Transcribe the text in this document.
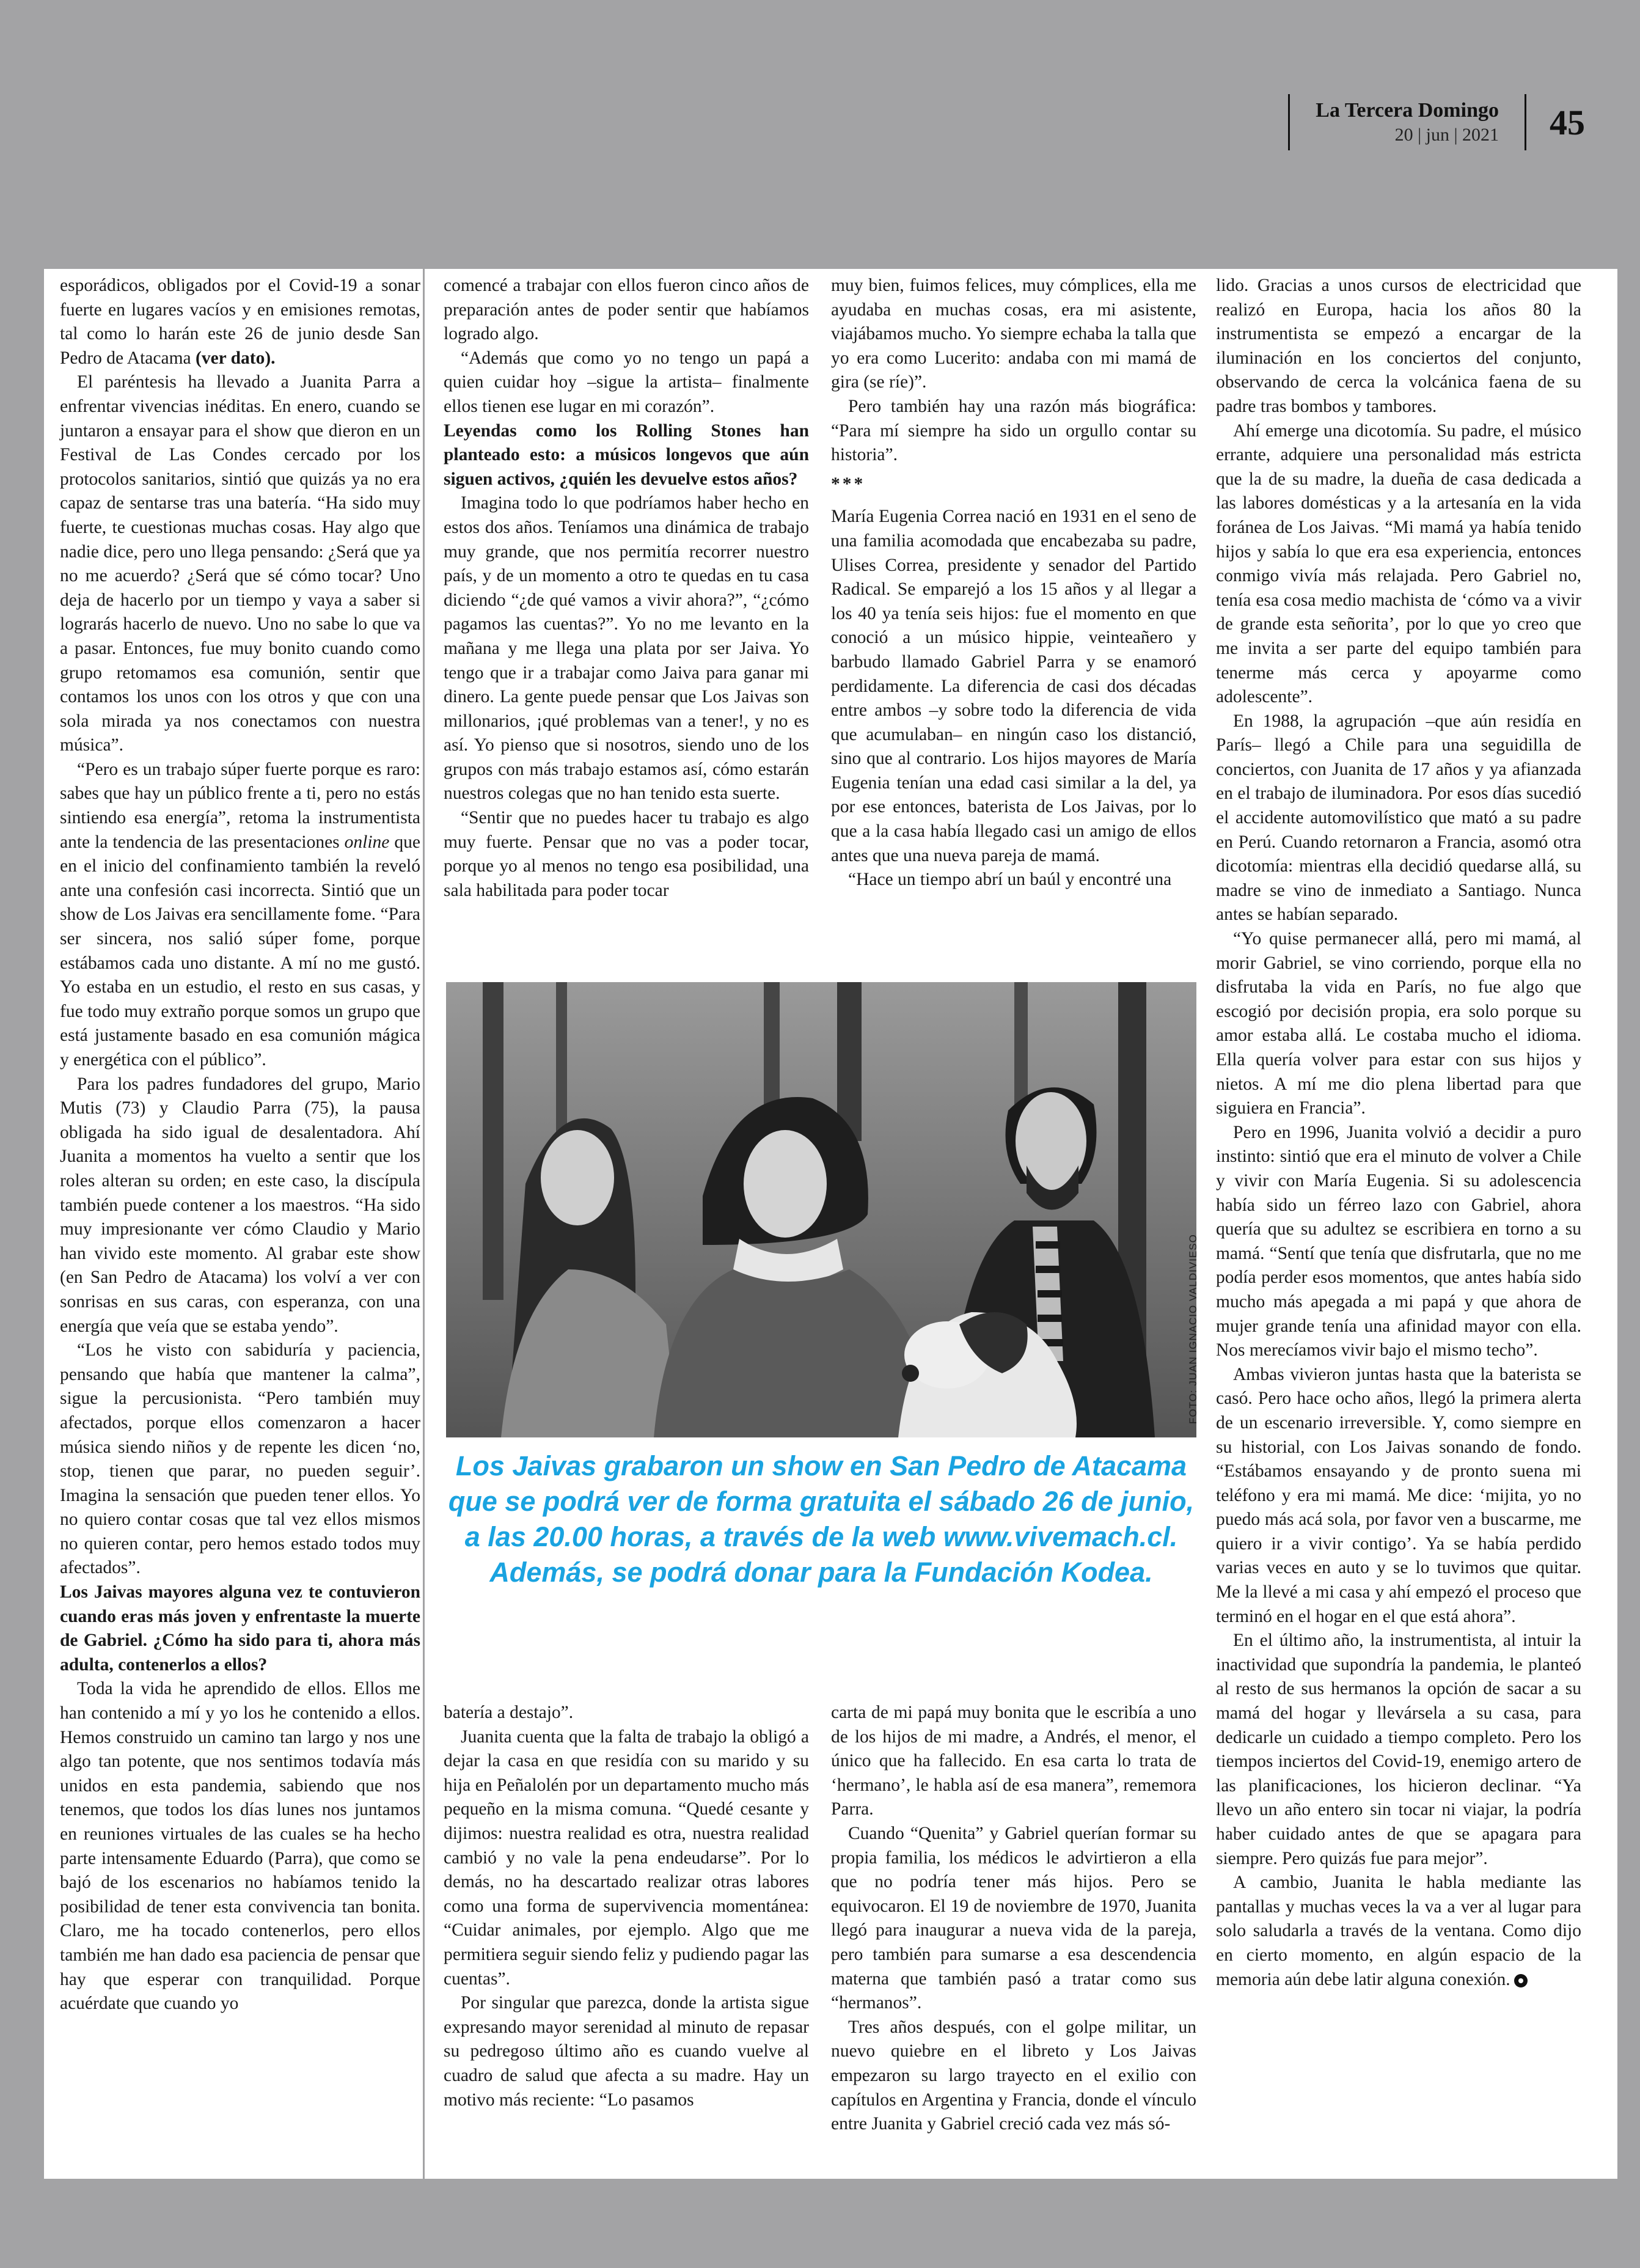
La Tercera Domingo
20 | jun | 2021	45

esporádicos, obligados por el Covid-19 a sonar fuerte en lugares vacíos y en emisiones remotas, tal como lo harán este 26 de junio desde San Pedro de Atacama (ver dato).

El paréntesis ha llevado a Juanita Parra a enfrentar vivencias inéditas. En enero, cuando se juntaron a ensayar para el show que dieron en un Festival de Las Condes cercado por los protocolos sanitarios, sintió que quizás ya no era capaz de sentarse tras una batería. “Ha sido muy fuerte, te cuestionas muchas cosas. Hay algo que nadie dice, pero uno llega pensando: ¿Será que ya no me acuerdo? ¿Será que sé cómo tocar? Uno deja de hacerlo por un tiempo y vaya a saber si lograrás hacerlo de nuevo. Uno no sabe lo que va a pasar. Entonces, fue muy bonito cuando como grupo retomamos esa comunión, sentir que contamos los unos con los otros y que con una sola mirada ya nos conectamos con nuestra música”.

“Pero es un trabajo súper fuerte porque es raro: sabes que hay un público frente a ti, pero no estás sintiendo esa energía”, retoma la instrumentista ante la tendencia de las presentaciones online que en el inicio del confinamiento también la reveló ante una confesión casi incorrecta. Sintió que un show de Los Jaivas era sencillamente fome. “Para ser sincera, nos salió súper fome, porque estábamos cada uno distante. A mí no me gustó. Yo estaba en un estudio, el resto en sus casas, y fue todo muy extraño porque somos un grupo que está justamente basado en esa comunión mágica y energética con el público”.

Para los padres fundadores del grupo, Mario Mutis (73) y Claudio Parra (75), la pausa obligada ha sido igual de desalentadora. Ahí Juanita a momentos ha vuelto a sentir que los roles alteran su orden; en este caso, la discípula también puede contener a los maestros. “Ha sido muy impresionante ver cómo Claudio y Mario han vivido este momento. Al grabar este show (en San Pedro de Atacama) los volví a ver con sonrisas en sus caras, con esperanza, con una energía que veía que se estaba yendo”.

“Los he visto con sabiduría y paciencia, pensando que había que mantener la calma”, sigue la percusionista. “Pero también muy afectados, porque ellos comenzaron a hacer música siendo niños y de repente les dicen ‘no, stop, tienen que parar, no pueden seguir’. Imagina la sensación que pueden tener ellos. Yo no quiero contar cosas que tal vez ellos mismos no quieren contar, pero hemos estado todos muy afectados”.

Los Jaivas mayores alguna vez te contuvieron cuando eras más joven y enfrentaste la muerte de Gabriel. ¿Cómo ha sido para ti, ahora más adulta, contenerlos a ellos?

Toda la vida he aprendido de ellos. Ellos me han contenido a mí y yo los he contenido a ellos. Hemos construido un camino tan largo y nos une algo tan potente, que nos sentimos todavía más unidos en esta pandemia, sabiendo que nos tenemos, que todos los días lunes nos juntamos en reuniones virtuales de las cuales se ha hecho parte intensamente Eduardo (Parra), que como se bajó de los escenarios no habíamos tenido la posibilidad de tener esta convivencia tan bonita. Claro, me ha tocado contenerlos, pero ellos también me han dado esa paciencia de pensar que hay que esperar con tranquilidad. Porque acuérdate que cuando yo

comencé a trabajar con ellos fueron cinco años de preparación antes de poder sentir que habíamos logrado algo.

“Además que como yo no tengo un papá a quien cuidar hoy –sigue la artista– finalmente ellos tienen ese lugar en mi corazón”.

Leyendas como los Rolling Stones han planteado esto: a músicos longevos que aún siguen activos, ¿quién les devuelve estos años?

Imagina todo lo que podríamos haber hecho en estos dos años. Teníamos una dinámica de trabajo muy grande, que nos permitía recorrer nuestro país, y de un momento a otro te quedas en tu casa diciendo “¿de qué vamos a vivir ahora?”, “¿cómo pagamos las cuentas?”. Yo no me levanto en la mañana y me llega una plata por ser Jaiva. Yo tengo que ir a trabajar como Jaiva para ganar mi dinero. La gente puede pensar que Los Jaivas son millonarios, ¡qué problemas van a tener!, y no es así. Yo pienso que si nosotros, siendo uno de los grupos con más trabajo estamos así, cómo estarán nuestros colegas que no han tenido esta suerte.

“Sentir que no puedes hacer tu trabajo es algo muy fuerte. Pensar que no vas a poder tocar, porque yo al menos no tengo esa posibilidad, una sala habilitada para poder tocar

muy bien, fuimos felices, muy cómplices, ella me ayudaba en muchas cosas, era mi asistente, viajábamos mucho. Yo siempre echaba la talla que yo era como Lucerito: andaba con mi mamá de gira (se ríe)”.

Pero también hay una razón más biográfica: “Para mí siempre ha sido un orgullo contar su historia”.

***

María Eugenia Correa nació en 1931 en el seno de una familia acomodada que encabezaba su padre, Ulises Correa, presidente y senador del Partido Radical. Se emparejó a los 15 años y al llegar a los 40 ya tenía seis hijos: fue el momento en que conoció a un músico hippie, veinteañero y barbudo llamado Gabriel Parra y se enamoró perdidamente. La diferencia de casi dos décadas entre ambos –y sobre todo la diferencia de vida que acumulaban– en ningún caso los distanció, sino que al contrario. Los hijos mayores de María Eugenia tenían una edad casi similar a la del, ya por ese entonces, baterista de Los Jaivas, por lo que a la casa había llegado casi un amigo de ellos antes que una nueva pareja de mamá.

“Hace un tiempo abrí un baúl y encontré una

lido. Gracias a unos cursos de electricidad que realizó en Europa, hacia los años 80 la instrumentista se empezó a encargar de la iluminación en los conciertos del conjunto, observando de cerca la volcánica faena de su padre tras bombos y tambores.

Ahí emerge una dicotomía. Su padre, el músico errante, adquiere una personalidad más estricta que la de su madre, la dueña de casa dedicada a las labores domésticas y a la artesanía en la vida foránea de Los Jaivas. “Mi mamá ya había tenido hijos y sabía lo que era esa experiencia, entonces conmigo vivía más relajada. Pero Gabriel no, tenía esa cosa medio machista de ‘cómo va a vivir de grande esta señorita’, por lo que yo creo que me invita a ser parte del equipo también para tenerme más cerca y apoyarme como adolescente”.

En 1988, la agrupación –que aún residía en París– llegó a Chile para una seguidilla de conciertos, con Juanita de 17 años y ya afianzada en el trabajo de iluminadora. Por esos días sucedió el accidente automovilístico que mató a su padre en Perú. Cuando retornaron a Francia, asomó otra dicotomía: mientras ella decidió quedarse allá, su madre se vino de inmediato a Santiago. Nunca antes se habían separado.

“Yo quise permanecer allá, pero mi mamá, al morir Gabriel, se vino corriendo, porque ella no disfrutaba la vida en París, no fue algo que escogió por decisión propia, era solo porque su amor estaba allá. Le costaba mucho el idioma. Ella quería volver para estar con sus hijos y nietos. A mí me dio plena libertad para que siguiera en Francia”.

Pero en 1996, Juanita volvió a decidir a puro instinto: sintió que era el minuto de volver a Chile y vivir con María Eugenia. Si su adolescencia había sido un férreo lazo con Gabriel, ahora quería que su adultez se escribiera en torno a su mamá. “Sentí que tenía que disfrutarla, que no me podía perder esos momentos, que antes había sido mucho más apegada a mi papá y que ahora de mujer grande tenía una afinidad mayor con ella. Nos merecíamos vivir bajo el mismo techo”.

Ambas vivieron juntas hasta que la baterista se casó. Pero hace ocho años, llegó la primera alerta de un escenario irreversible. Y, como siempre en su historial, con Los Jaivas sonando de fondo. “Estábamos ensayando y de pronto suena mi teléfono y era mi mamá. Me dice: ‘mijita, yo no puedo más acá sola, por favor ven a buscarme, me quiero ir a vivir contigo’. Ya se había perdido varias veces en auto y se lo tuvimos que quitar. Me la llevé a mi casa y ahí empezó el proceso que terminó en el hogar en el que está ahora”.

En el último año, la instrumentista, al intuir la inactividad que supondría la pandemia, le planteó al resto de sus hermanos la opción de sacar a su mamá del hogar y llevársela a su casa, para dedicarle un cuidado a tiempo completo. Pero los tiempos inciertos del Covid-19, enemigo artero de las planificaciones, los hicieron declinar. “Ya llevo un año entero sin tocar ni viajar, la podría haber cuidado antes de que se apagara para siempre. Pero quizás fue para mejor”.

A cambio, Juanita le habla mediante las pantallas y muchas veces la va a ver al lugar para solo saludarla a través de la ventana. Como dijo en cierto momento, en algún espacio de la memoria aún debe latir alguna conexión.

FOTO: JUAN IGNACIO VALDIVIESO
Los Jaivas grabaron un show en San Pedro de Atacama que se podrá ver de forma gratuita el sábado 26 de junio, a las 20.00 horas, a través de la web www.vivemach.cl. Además, se podrá donar para la Fundación Kodea.

batería a destajo”.

Juanita cuenta que la falta de trabajo la obligó a dejar la casa en que residía con su marido y su hija en Peñalolén por un departamento mucho más pequeño en la misma comuna. “Quedé cesante y dijimos: nuestra realidad es otra, nuestra realidad cambió y no vale la pena endeudarse”. Por lo demás, no ha descartado realizar otras labores como una forma de supervivencia momentánea: “Cuidar animales, por ejemplo. Algo que me permitiera seguir siendo feliz y pudiendo pagar las cuentas”.

Por singular que parezca, donde la artista sigue expresando mayor serenidad al minuto de repasar su pedregoso último año es cuando vuelve al cuadro de salud que afecta a su madre. Hay un motivo más reciente: “Lo pasamos

carta de mi papá muy bonita que le escribía a uno de los hijos de mi madre, a Andrés, el menor, el único que ha fallecido. En esa carta lo trata de ‘hermano’, le habla así de esa manera”, rememora Parra.

Cuando “Quenita” y Gabriel querían formar su propia familia, los médicos le advirtieron a ella que no podría tener más hijos. Pero se equivocaron. El 19 de noviembre de 1970, Juanita llegó para inaugurar a nueva vida de la pareja, pero también para sumarse a esa descendencia materna que también pasó a tratar como sus “hermanos”.

Tres años después, con el golpe militar, un nuevo quiebre en el libreto y Los Jaivas empezaron su largo trayecto en el exilio con capítulos en Argentina y Francia, donde el vínculo entre Juanita y Gabriel creció cada vez más só-
